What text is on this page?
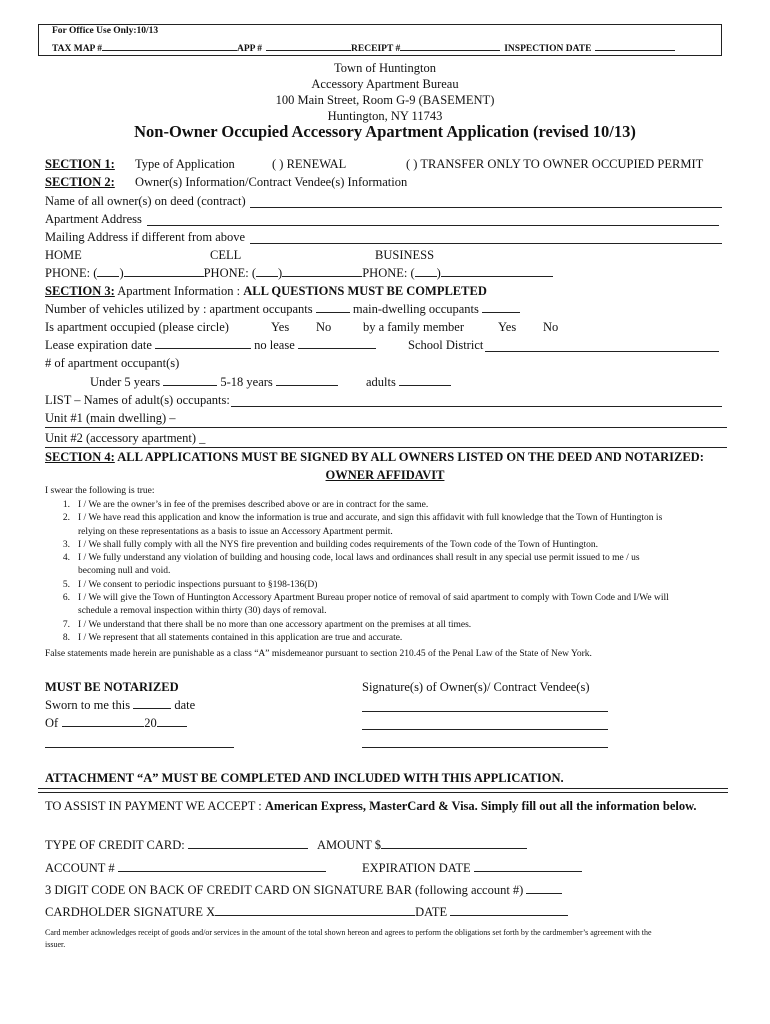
For Office Use Only:10/13
TAX MAP #	APP #	RECEIPT #	INSPECTION DATE
Town of Huntington
Accessory Apartment Bureau
100 Main Street, Room G-9 (BASEMENT)
Huntington, NY 11743
Non-Owner Occupied Accessory Apartment Application (revised 10/13)
SECTION 1: Type of Application	( ) RENEWAL	( ) TRANSFER ONLY TO OWNER OCCUPIED PERMIT
SECTION 2: Owner(s) Information/Contract Vendee(s) Information
Name of all owner(s) on deed (contract)
Apartment Address
Mailing Address if different from above
HOME	CELL	BUSINESS
PHONE: ( )	PHONE: ( )	PHONE: ( )
SECTION 3: Apartment Information : ALL QUESTIONS MUST BE COMPLETED
Number of vehicles utilized by : apartment occupants	main-dwelling occupants
Is apartment occupied (please circle)	Yes No	by a family member	Yes No
Lease expiration date	no lease	School District
# of apartment occupant(s)
Under 5 years	5-18 years	adults
LIST – Names of adult(s) occupants:
Unit #1 (main dwelling) –
Unit #2 (accessory apartment) _
SECTION 4: ALL APPLICATIONS MUST BE SIGNED BY ALL OWNERS LISTED ON THE DEED AND NOTARIZED:
OWNER AFFIDAVIT
I swear the following is true:
1. I / We are the owner’s in fee of the premises described above or are in contract for the same.
2. I / We have read this application and know the information is true and accurate, and sign this affidavit with full knowledge that the Town of Huntington is
relying on these representations as a basis to issue an Accessory Apartment permit.
3. I / We shall fully comply with all the NYS fire prevention and building codes requirements of the Town code of the Town of Huntington.
4. I / We fully understand any violation of building and housing code, local laws and ordinances shall result in any special use permit issued to me / us
becoming null and void.
5. I / We consent to periodic inspections pursuant to §198-136(D)
6. I / We will give the Town of Huntington Accessory Apartment Bureau proper notice of removal of said apartment to comply with Town Code and I/We will
schedule a removal inspection within thirty (30) days of removal.
7. I / We understand that there shall be no more than one accessory apartment on the premises at all times.
8. I / We represent that all statements contained in this application are true and accurate.
False statements made herein are punishable as a class “A” misdemeanor pursuant to section 210.45 of the Penal Law of the State of New York.
MUST BE NOTARIZED	Signature(s) of Owner(s)/ Contract Vendee(s)
Sworn to me this	date
Of	20
ATTACHMENT “A” MUST BE COMPLETED AND INCLUDED WITH THIS APPLICATION.
TO ASSIST IN PAYMENT WE ACCEPT : American Express, MasterCard & Visa. Simply fill out all the information below.
TYPE OF CREDIT CARD:	AMOUNT $
ACCOUNT #	EXPIRATION DATE
3 DIGIT CODE ON BACK OF CREDIT CARD ON SIGNATURE BAR (following account #)
CARDHOLDER SIGNATURE X	DATE
Card member acknowledges receipt of goods and/or services in the amount of the total shown hereon and agrees to perform the obligations set forth by the cardmember’s agreement with the
issuer.
